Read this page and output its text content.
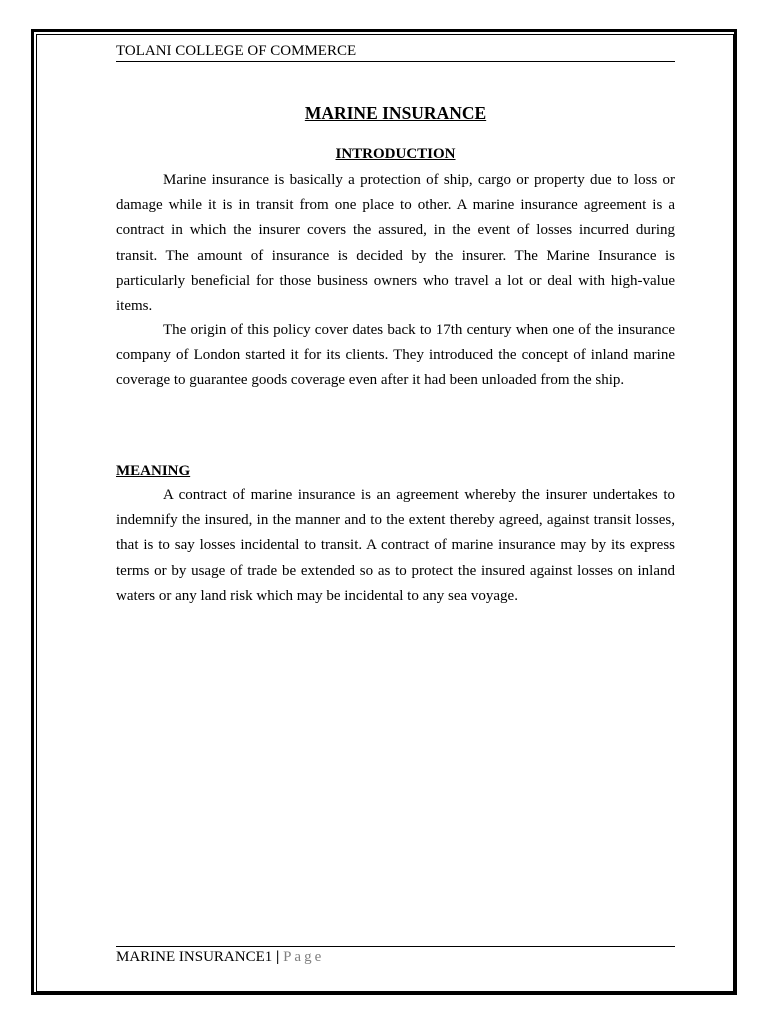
TOLANI COLLEGE OF COMMERCE
MARINE INSURANCE
INTRODUCTION

Marine insurance is basically a protection of ship, cargo or property due to loss or damage while it is in transit from one place to other. A marine insurance agreement is a contract in which the insurer covers the assured, in the event of losses incurred during transit. The amount of insurance is decided by the insurer. The Marine Insurance is particularly beneficial for those business owners who travel a lot or deal with high-value items.

The origin of this policy cover dates back to 17th century when one of the insurance company of London started it for its clients. They introduced the concept of inland marine coverage to guarantee goods coverage even after it had been unloaded from the ship.

MEANING

A contract of marine insurance is an agreement whereby the insurer undertakes to indemnify the insured, in the manner and to the extent thereby agreed, against transit losses, that is to say losses incidental to transit. A contract of marine insurance may by its express terms or by usage of trade be extended so as to protect the insured against losses on inland waters or any land risk which may be incidental to any sea voyage.

MARINE INSURANCE1 | Page
